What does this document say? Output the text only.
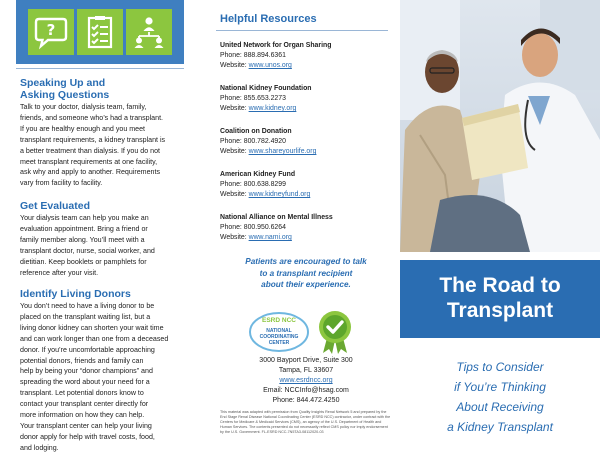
?
Speaking Up and
Asking Questions
Talk to your doctor, dialysis team, family,
friends, and someone who’s had a transplant.
If you are healthy enough and you meet
transplant requirements, a kidney transplant is
a better treatment than dialysis. If you do not
meet transplant requirements at one facility,
ask why and apply to another. Requirements
vary from facility to facility.
Get Evaluated
Your dialysis team can help you make an
evaluation appointment. Bring a friend or
family member along. You’ll meet with a
transplant doctor, nurse, social worker, and
dietitian. Keep booklets or pamphlets for
reference after your visit.
Identify Living Donors
You don’t need to have a living donor to be
placed on the transplant waiting list, but a
living donor kidney can shorten your wait time
and can work longer than one from a deceased
donor. If you’re uncomfortable approaching
potential donors, friends and family can
help by being your “donor champions” and
spreading the word about your need for a
transplant. Let potential donors know to
contact your transplant center directly for
more information on how they can help.
Your transplant center can help your living
donor apply for help with travel costs, food,
and lodging.
Helpful Resources
United Network for Organ Sharing
Phone: 888.894.6361
Website: www.unos.org
National Kidney Foundation
Phone: 855.653.2273
Website: www.kidney.org
Coalition on Donation
Phone: 800.782.4920
Website: www.shareyourlife.org
American Kidney Fund
Phone: 800.638.8299
Website: www.kidneyfund.org
National Alliance on Mental Illness
Phone: 800.950.6264
Website: www.nami.org
Patients are encouraged to talk
to a transplant recipient
about their experience.
ESRD NCC
NATIONAL
COORDINATING
CENTER
3000 Bayport Drive, Suite 300
Tampa, FL 33607
www.esrdncc.org
Email: NCCInfo@hsag.com
Phone: 844.472.4250
This material was adapted with permission from Quality Insights Renal Network 5 and prepared by the End Stage Renal Disease National Coordinating Center (ESRD NCC) contractor, under contract with the Centers for Medicare & Medicaid Services (CMS), an agency of the U.S. Department of Health and Human Services. The contents presented do not necessarily reflect CMS policy nor imply endorsement by the U.S. Government. FL-ESRD NCC-7N5TA3-08112020-03
The Road to
Transplant
Tips to Consider
if You’re Thinking
About Receiving
a Kidney Transplant
